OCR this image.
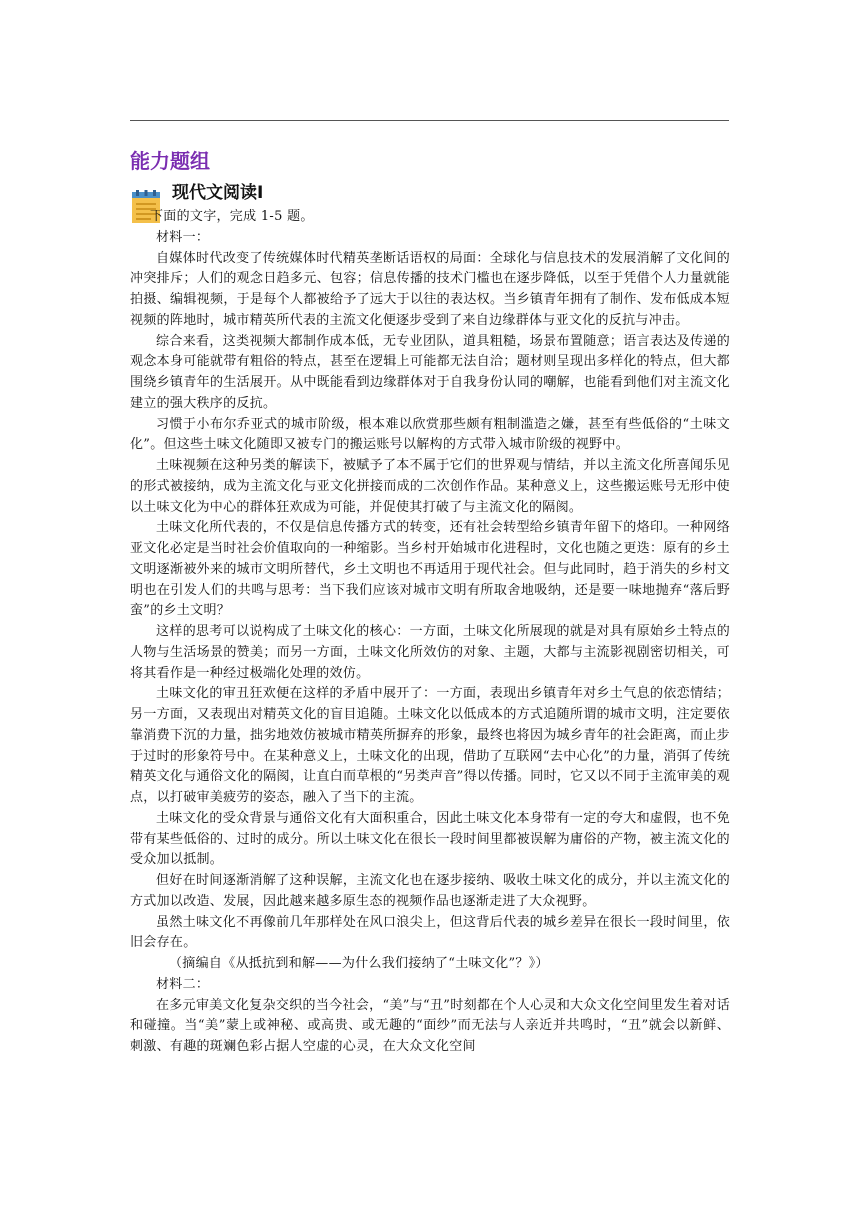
能力题组
现代文阅读Ⅰ

下面的文字，完成 1-5 题。

材料一：

自媒体时代改变了传统媒体时代精英垄断话语权的局面：全球化与信息技术的发展消解了文化间的冲突排斥；人们的观念日趋多元、包容；信息传播的技术门槛也在逐步降低，以至于凭借个人力量就能拍摄、编辑视频，于是每个人都被给予了远大于以往的表达权。当乡镇青年拥有了制作、发布低成本短视频的阵地时，城市精英所代表的主流文化便逐步受到了来自边缘群体与亚文化的反抗与冲击。

综合来看，这类视频大都制作成本低，无专业团队，道具粗糙，场景布置随意；语言表达及传递的观念本身可能就带有粗俗的特点，甚至在逻辑上可能都无法自洽；题材则呈现出多样化的特点，但大都围绕乡镇青年的生活展开。从中既能看到边缘群体对于自我身份认同的嘲解，也能看到他们对主流文化建立的强大秩序的反抗。

习惯于小布尔乔亚式的城市阶级，根本难以欣赏那些颇有粗制滥造之嫌，甚至有些低俗的“土味文化”。但这些土味文化随即又被专门的搬运账号以解构的方式带入城市阶级的视野中。

土味视频在这种另类的解读下，被赋予了本不属于它们的世界观与情结，并以主流文化所喜闻乐见的形式被接纳，成为主流文化与亚文化拼接而成的二次创作作品。某种意义上，这些搬运账号无形中使以土味文化为中心的群体狂欢成为可能，并促使其打破了与主流文化的隔阂。

土味文化所代表的，不仅是信息传播方式的转变，还有社会转型给乡镇青年留下的烙印。一种网络亚文化必定是当时社会价值取向的一种缩影。当乡村开始城市化进程时，文化也随之更迭：原有的乡土文明逐渐被外来的城市文明所替代，乡土文明也不再适用于现代社会。但与此同时，趋于消失的乡村文明也在引发人们的共鸣与思考：当下我们应该对城市文明有所取舍地吸纳，还是要一味地抛弃“落后野蛮”的乡土文明？

这样的思考可以说构成了土味文化的核心：一方面，土味文化所展现的就是对具有原始乡土特点的人物与生活场景的赞美；而另一方面，土味文化所效仿的对象、主题，大都与主流影视剧密切相关，可将其看作是一种经过极端化处理的效仿。

土味文化的审丑狂欢便在这样的矛盾中展开了：一方面，表现出乡镇青年对乡土气息的依恋情结；另一方面，又表现出对精英文化的盲目追随。土味文化以低成本的方式追随所谓的城市文明，注定要依靠消费下沉的力量，拙劣地效仿被城市精英所摒弃的形象，最终也将因为城乡青年的社会距离，而止步于过时的形象符号中。在某种意义上，土味文化的出现，借助了互联网“去中心化”的力量，消弭了传统精英文化与通俗文化的隔阂，让直白而草根的“另类声音”得以传播。同时，它又以不同于主流审美的观点，以打破审美疲劳的姿态，融入了当下的主流。

土味文化的受众背景与通俗文化有大面积重合，因此土味文化本身带有一定的夸大和虚假，也不免带有某些低俗的、过时的成分。所以土味文化在很长一段时间里都被误解为庸俗的产物，被主流文化的受众加以抵制。

但好在时间逐渐消解了这种误解，主流文化也在逐步接纳、吸收土味文化的成分，并以主流文化的方式加以改造、发展，因此越来越多原生态的视频作品也逐渐走进了大众视野。

虽然土味文化不再像前几年那样处在风口浪尖上，但这背后代表的城乡差异在很长一段时间里，依旧会存在。

（摘编自《从抵抗到和解——为什么我们接纳了“土味文化”？》）

材料二：

在多元审美文化复杂交织的当今社会，“美”与“丑”时刻都在个人心灵和大众文化空间里发生着对话和碰撞。当“美”蒙上或神秘、或高贵、或无趣的“面纱”而无法与人亲近并共鸣时，“丑”就会以新鲜、刺激、有趣的斑斓色彩占据人空虚的心灵，在大众文化空间
